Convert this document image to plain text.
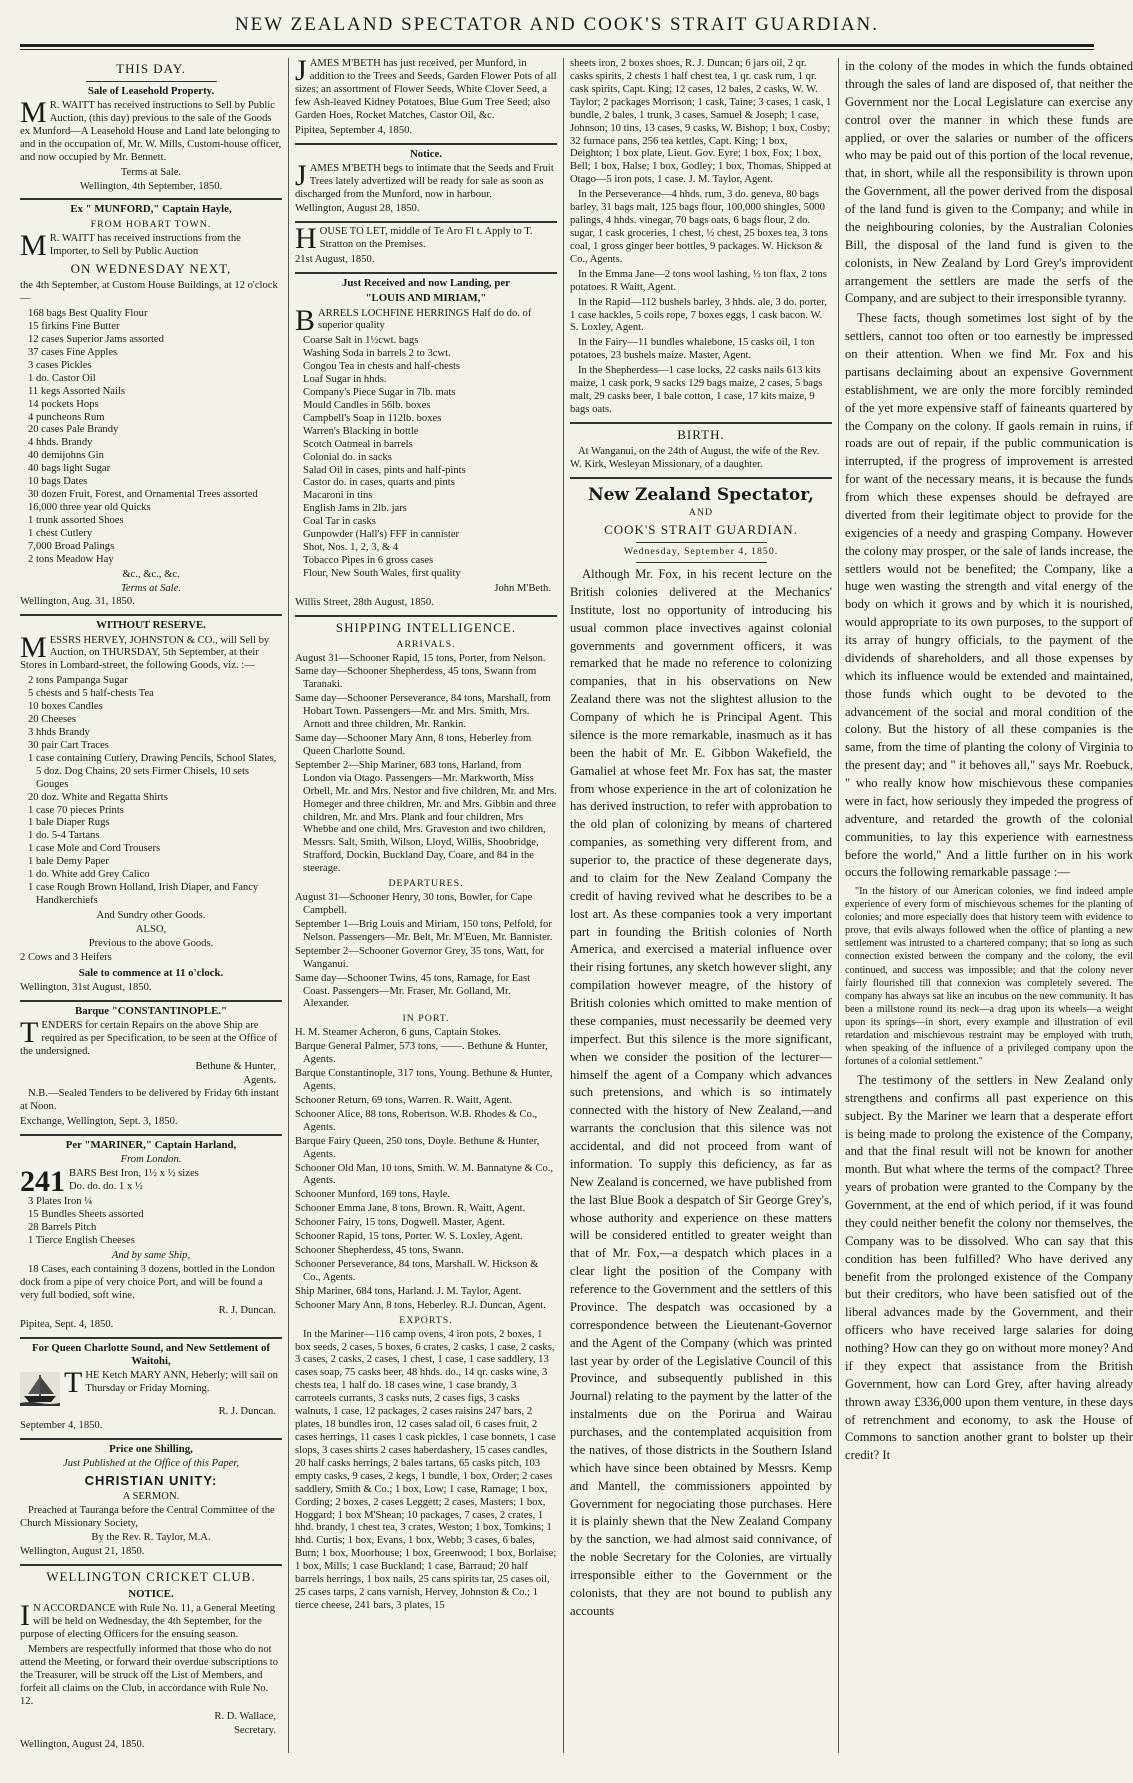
NEW ZEALAND SPECTATOR AND COOK'S STRAIT GUARDIAN.
THIS DAY.
Sale of Leasehold Property.

M R. WAITT has received instructions to Sell by Public Auction, (this day) previous to the sale of the Goods ex Munford—A Leasehold House and Land late belonging to and in the occupation of, Mr. W. Mills, Custom-house officer, and now occupied by Mr. Bennett.

Terms at Sale.
Wellington, 4th September, 1850.
Ex " MUNFORD," Captain Hayle,
FROM HOBART TOWN.

M R. WAITT has received instructions from the Importer, to Sell by Public Auction

ON WEDNESDAY NEXT,

the 4th September, at Custom House Buildings, at 12 o'clock—

168 bags Best Quality Flour
15 firkins Fine Butter
12 cases Superior Jams assorted
37 cases Fine Apples
3 cases Pickles
1 do. Castor Oil
11 kegs Assorted Nails
14 pockets Hops
4 puncheons Rum
20 cases Pale Brandy
4 hhds. Brandy
40 demijohns Gin
40 bags light Sugar
10 bags Dates
30 dozen Fruit, Forest, and Ornamental Trees assorted
16,000 three year old Quicks
1 trunk assorted Shoes
1 chest Cutlery
7,000 Broad Palings
2 tons Meadow Hay
&c., &c., &c.
Terms at Sale.
Wellington, Aug. 31, 1850.
WITHOUT RESERVE.

MESSRS HERVEY, JOHNSTON & CO., will Sell by Auction, on THURSDAY, 5th September, at their Stores in Lombard-street, the following Goods, viz. :—

2 tons Pampanga Sugar
5 chests and 5 half-chests Tea
10 boxes Candles
20 Cheeses
3 hhds Brandy
30 pair Cart Traces
1 case containing Cutlery, Drawing Pencils, School Slates, 5 doz. Dog Chains, 20 sets Firmer Chisels, 10 sets Gouges
20 doz. White and Regatta Shirts
1 case 70 pieces Prints
1 bale Diaper Rugs
1 do. 5-4 Tartans
1 case Mole and Cord Trousers
1 bale Demy Paper
1 do. White add Grey Calico
1 case Rough Brown Holland, Irish Diaper, and Fancy Handkerchiefs
And Sundry other Goods.
ALSO,
Previous to the above Goods.
2 Cows and 3 Heifers
Sale to commence at 11 o'clock.
Wellington, 31st August, 1850.
Barque "CONSTANTINOPLE."

TENDERS for certain Repairs on the above Ship are required as per Specification, to be seen at the Office of the undersigned.

Bethune & Hunter,
Agents.

N.B.—Sealed Tenders to be delivered by Friday 6th instant at Noon.

Exchange, Wellington, Sept. 3, 1850.
Per "MARINER," Captain Harland,
From London.
241 BARS Best Iron, 1½ x ½ sizes
Do. do. do. 1 x ½
3 Plates Iron ¼
15 Bundles Sheets assorted
28 Barrels Pitch
1 Tierce English Cheeses
And by same Ship,

18 Cases, each containing 3 dozens, bottled in the London dock from a pipe of very choice Port, and will be found a very full bodied, soft wine.

R. J. Duncan.
Pipitea, Sept. 4, 1850.
For Queen Charlotte Sound, and New Settlement of Waitohi,

THE Ketch MARY ANN, Heberly; will sail on Thursday or Friday Morning.

R. J. Duncan.
September 4, 1850.
Price one Shilling,
Just Published at the Office of this Paper,
CHRISTIAN UNITY:
A SERMON.

Preached at Tauranga before the Central Committee of the Church Missionary Society,

By the Rev. R. Taylor, M.A.
Wellington, August 21, 1850.
WELLINGTON CRICKET CLUB.
NOTICE.

I N ACCORDANCE with Rule No. 11, a General Meeting will be held on Wednesday, the 4th September, for the purpose of electing Officers for the ensuing season.

Members are respectfully informed that those who do not attend the Meeting, or forward their overdue subscriptions to the Treasurer, will be struck off the List of Members, and forfeit all claims on the Club, in accordance with Rule No. 12.

R. D. Wallace,
Secretary.
Wellington, August 24, 1850.

JAMES M'BETH has just received, per Munford, in addition to the Trees and Seeds, Garden Flower Pots of all sizes; an assortment of Flower Seeds, White Clover Seed, a few Ash-leaved Kidney Potatoes, Blue Gum Tree Seed; also Garden Hoes, Rocket Matches, Castor Oil, &c.

Pipitea, September 4, 1850.
Notice.

JAMES M'BETH begs to intimate that the Seeds and Fruit Trees lately advertized will be ready for sale as soon as discharged from the Munford, now in harbour.

Wellington, August 28, 1850.

HOUSE TO LET, middle of Te Aro Fl t. Apply to T. Stratton on the Premises.

21st August, 1850.
Just Received and now Landing, per
"LOUIS AND MIRIAM,"

BARRELS LOCHFINE HERRINGS Half do do. of superior quality

Coarse Salt in 1½cwt. bags
Washing Soda in barrels 2 to 3cwt.
Congou Tea in chests and half-chests
Loaf Sugar in hhds.
Company's Piece Sugar in 7lb. mats
Mould Candles in 56lb. boxes
Campbell's Soap in 112lb. boxes
Warren's Blacking in bottle
Scotch Oatmeal in barrels
Colonial do. in sacks
Salad Oil in cases, pints and half-pints
Castor do. in cases, quarts and pints
Macaroni in tins
English Jams in 2lb. jars
Coal Tar in casks
Gunpowder (Hall's) FFF in cannister
Shot, Nos. 1, 2, 3, & 4
Tobacco Pipes in 6 gross cases
Flour, New South Wales, first quality
John M'Beth.
Willis Street, 28th August, 1850.
SHIPPING INTELLIGENCE.
ARRIVALS.
August 31—Schooner Rapid, 15 tons, Porter, from Nelson.
Same day—Schooner Shepherdess, 45 tons, Swann from Taranaki.
Same day—Schooner Perseverance, 84 tons, Marshall, from Hobart Town. Passengers—Mr. and Mrs. Smith, Mrs. Arnott and three children, Mr. Rankin.
Same day—Schooner Mary Ann, 8 tons, Heberley from Queen Charlotte Sound.
September 2—Ship Mariner, 683 tons, Harland, from London via Otago. Passengers—Mr. Markworth, Miss Orbell, Mr. and Mrs. Nestor and five children, Mr. and Mrs. Homeger and three children, Mr. and Mrs. Gibbin and three children, Mr. and Mrs. Plank and four children, Mrs Whebbe and one child, Mrs. Graveston and two children, Messrs. Salt, Smith, Wilson, Lloyd, Willis, Shoobridge, Strafford, Dockin, Buckland Day, Coare, and 84 in the steerage.
DEPARTURES.
August 31—Schooner Henry, 30 tons, Bowler, for Cape Campbell.
September 1—Brig Louis and Miriam, 150 tons, Pelfold, for Nelson. Passengers—Mr. Belt, Mr. M'Euen, Mr. Bannister.
September 2—Schooner Governor Grey, 35 tons, Watt, for Wanganui.
Same day—Schooner Twins, 45 tons, Ramage, for East Coast. Passengers—Mr. Fraser, Mr. Golland, Mr. Alexander.
IN PORT.
H. M. Steamer Acheron, 6 guns, Captain Stokes.
Barque General Palmer, 573 tons, ——. Bethune & Hunter, Agents.
Barque Constantinople, 317 tons, Young. Bethune & Hunter, Agents.
Schooner Return, 69 tons, Warren. R. Waitt, Agent.
Schooner Alice, 88 tons, Robertson. W.B. Rhodes & Co., Agents.
Barque Fairy Queen, 250 tons, Doyle. Bethune & Hunter, Agents.
Schooner Old Man, 10 tons, Smith. W. M. Bannatyne & Co., Agents.
Schooner Munford, 169 tons, Hayle.
Schooner Emma Jane, 8 tons, Brown. R. Waitt, Agent.
Schooner Fairy, 15 tons, Dogwell. Master, Agent.
Schooner Rapid, 15 tons, Porter. W. S. Loxley, Agent.
Schooner Shepherdess, 45 tons, Swann.
Schooner Perseverance, 84 tons, Marshall. W. Hickson & Co., Agents.
Ship Mariner, 684 tons, Harland. J. M. Taylor, Agent.
Schooner Mary Ann, 8 tons, Heberley. R.J. Duncan, Agent.
EXPORTS.

In the Mariner—116 camp ovens, 4 iron pots, 2 boxes, 1 box seeds, 2 cases, 5 boxes, 6 crates, 2 casks, 1 case, 2 casks, 3 cases, 2 casks, 2 cases, 1 chest, 1 case, 1 case saddlery, 13 cases soap, 75 casks beer, 48 hhds. do., 14 qr. casks wine, 3 chests tea, 1 half do. 18 cases wine, 1 case brandy, 3 carroteels currants, 3 casks nuts, 2 cases figs, 3 casks walnuts, 1 case, 12 packages, 2 cases raisins 247 bars, 2 plates, 18 bundles iron, 12 cases salad oil, 6 cases fruit, 2 cases herrings, 11 cases 1 cask pickles, 1 case bonnets, 1 case slops, 3 cases shirts 2 cases haberdashery, 15 cases candles, 20 half casks herrings, 2 bales tartans, 65 casks pitch, 103 empty casks, 9 cases, 2 kegs, 1 bundle, 1 box, Order; 2 cases saddlery, Smith & Co.; 1 box, Low; 1 case, Ramage; 1 box, Cording; 2 boxes, 2 cases Leggett; 2 cases, Masters; 1 box, Hoggard; 1 box M'Shean; 10 packages, 7 cases, 2 crates, 1 hhd. brandy, 1 chest tea, 3 crates, Weston; 1 box, Tomkins; 1 hhd. Curtis; 1 box, Evans, 1 box, Webb; 3 cases, 6 bales, Burn; 1 box, Moorhouse; 1 box, Greenwood; 1 box, Borlaise; 1 box, Mills; 1 case Buckland; 1 case, Barraud; 20 half barrels herrings, 1 box nails, 25 cans spirits tar, 25 cases oil, 25 cases tarps, 2 cans varnish, Hervey, Johnston & Co.; 1 tierce cheese, 241 bars, 3 plates, 15

sheets iron, 2 boxes shoes, R. J. Duncan; 6 jars oil, 2 qr. casks spirits, 2 chests 1 half chest tea, 1 qr. cask rum, 1 qr. cask spirits, Capt. King; 12 cases, 12 bales, 2 casks, W. W. Taylor; 2 packages Morrison; 1 cask, Taine; 3 cases, 1 cask, 1 bundle, 2 bales, 1 trunk, 3 cases, Samuel & Joseph; 1 case, Johnson; 10 tins, 13 cases, 9 casks, W. Bishop; 1 box, Cosby; 32 furnace pans, 256 tea kettles, Capt. King; 1 box, Deighton; 1 box plate, Lieut. Gov. Eyre; 1 box, Fox; 1 box, Bell; 1 box, Halse; 1 box, Godley; 1 box, Thomas. Shipped at Otago—5 iron pots, 1 case. J. M. Taylor, Agent.

In the Perseverance—4 hhds. rum, 3 do. geneva, 80 bags barley, 31 bags malt, 125 bags flour, 100,000 shingles, 5000 palings, 4 hhds. vinegar, 70 bags oats, 6 bags flour, 2 do. sugar, 1 cask groceries, 1 chest, ½ chest, 25 boxes tea, 3 tons coal, 1 gross ginger beer bottles, 9 packages. W. Hickson & Co., Agents.

In the Emma Jane—2 tons wool lashing, ½ ton flax, 2 tons potatoes. R Waitt, Agent.

In the Rapid—112 bushels barley, 3 hhds. ale, 3 do. porter, 1 case hackles, 5 coils rope, 7 boxes eggs, 1 cask bacon. W. S. Loxley, Agent.

In the Fairy—11 bundles whalebone, 15 casks oil, 1 ton potatoes, 23 bushels maize. Master, Agent.

In the Shepherdess—1 case locks, 22 casks nails 613 kits maize, 1 cask pork, 9 sacks 129 bags maize, 2 cases, 5 bags malt, 29 casks beer, 1 bale cotton, 1 case, 17 kits maize, 9 bags oats.

BIRTH.

At Wanganui, on the 24th of August, the wife of the Rev. W. Kirk, Wesleyan Missionary, of a daughter.

New Zealand Spectator,
AND
COOK'S STRAIT GUARDIAN.
Wednesday, September 4, 1850.

Although Mr. Fox, in his recent lecture on the British colonies delivered at the Mechanics' Institute, lost no opportunity of introducing his usual common place invectives against colonial governments and government officers, it was remarked that he made no reference to colonizing companies, that in his observations on New Zealand there was not the slightest allusion to the Company of which he is Principal Agent. This silence is the more remarkable, inasmuch as it has been the habit of Mr. E. Gibbon Wakefield, the Gamaliel at whose feet Mr. Fox has sat, the master from whose experience in the art of colonization he has derived instruction, to refer with approbation to the old plan of colonizing by means of chartered companies, as something very different from, and superior to, the practice of these degenerate days, and to claim for the New Zealand Company the credit of having revived what he describes to be a lost art. As these companies took a very important part in founding the British colonies of North America, and exercised a material influence over their rising fortunes, any sketch however slight, any compilation however meagre, of the history of British colonies which omitted to make mention of these companies, must necessarily be deemed very imperfect. But this silence is the more significant, when we consider the position of the lecturer—himself the agent of a Company which advances such pretensions, and which is so intimately connected with the history of New Zealand,—and warrants the conclusion that this silence was not accidental, and did not proceed from want of information. To supply this deficiency, as far as New Zealand is concerned, we have published from the last Blue Book a despatch of Sir George Grey's, whose authority and experience on these matters will be considered entitled to greater weight than that of Mr. Fox,—a despatch which places in a clear light the position of the Company with reference to the Government and the settlers of this Province. The despatch was occasioned by a correspondence between the Lieutenant-Governor and the Agent of the Company (which was printed last year by order of the Legislative Council of this Province, and subsequently published in this Journal) relating to the payment by the latter of the instalments due on the Porirua and Wairau purchases, and the contemplated acquisition from the natives, of those districts in the Southern Island which have since been obtained by Messrs. Kemp and Mantell, the commissioners appointed by Government for negociating those purchases. Here it is plainly shewn that the New Zealand Company by the sanction, we had almost said connivance, of the noble Secretary for the Colonies, are virtually irresponsible either to the Government or the colonists, that they are not bound to publish any accounts

in the colony of the modes in which the funds obtained through the sales of land are disposed of, that neither the Government nor the Local Legislature can exercise any control over the manner in which these funds are applied, or over the salaries or number of the officers who may be paid out of this portion of the local revenue, that, in short, while all the responsibility is thrown upon the Government, all the power derived from the disposal of the land fund is given to the Company; and while in the neighbouring colonies, by the Australian Colonies Bill, the disposal of the land fund is given to the colonists, in New Zealand by Lord Grey's improvident arrangement the settlers are made the serfs of the Company, and are subject to their irresponsible tyranny.

These facts, though sometimes lost sight of by the settlers, cannot too often or too earnestly be impressed on their attention. When we find Mr. Fox and his partisans declaiming about an expensive Government establishment, we are only the more forcibly reminded of the yet more expensive staff of faineants quartered by the Company on the colony. If gaols remain in ruins, if roads are out of repair, if the public communication is interrupted, if the progress of improvement is arrested for want of the necessary means, it is because the funds from which these expenses should be defrayed are diverted from their legitimate object to provide for the exigencies of a needy and grasping Company. However the colony may prosper, or the sale of lands increase, the settlers would not be benefited; the Company, like a huge wen wasting the strength and vital energy of the body on which it grows and by which it is nourished, would appropriate to its own purposes, to the support of its array of hungry officials, to the payment of the dividends of shareholders, and all those expenses by which its influence would be extended and maintained, those funds which ought to be devoted to the advancement of the social and moral condition of the colony. But the history of all these companies is the same, from the time of planting the colony of Virginia to the present day; and " it behoves all," says Mr. Roebuck, " who really know how mischievous these companies were in fact, how seriously they impeded the progress of adventure, and retarded the growth of the colonial communities, to lay this experience with earnestness before the world," And a little further on in his work occurs the following remarkable passage :—

"In the history of our American colonies, we find indeed ample experience of every form of mischievous schemes for the planting of colonies; and more especially does that history teem with evidence to prove, that evils always followed when the office of planting a new settlement was intrusted to a chartered company; that so long as such connection existed between the company and the colony, the evil continued, and success was impossible; and that the colony never fairly flourished till that connexion was completely severed. The company has always sat like an incubus on the new community. It has been a millstone round its neck—a drag upon its wheels—a weight upon its springs—in short, every example and illustration of evil retardation and mischievous restraint may be employed with truth, when speaking of the influence of a privileged company upon the fortunes of a colonial settlement."

The testimony of the settlers in New Zealand only strengthens and confirms all past experience on this subject. By the Mariner we learn that a desperate effort is being made to prolong the existence of the Company, and that the final result will not be known for another month. But what where the terms of the compact? Three years of probation were granted to the Company by the Government, at the end of which period, if it was found they could neither benefit the colony nor themselves, the Company was to be dissolved. Who can say that this condition has been fulfilled? Who have derived any benefit from the prolonged existence of the Company but their creditors, who have been satisfied out of the liberal advances made by the Government, and their officers who have received large salaries for doing nothing? How can they go on without more money? And if they expect that assistance from the British Government, how can Lord Grey, after having already thrown away £336,000 upon them venture, in these days of retrenchment and economy, to ask the House of Commons to sanction another grant to bolster up their credit? It
